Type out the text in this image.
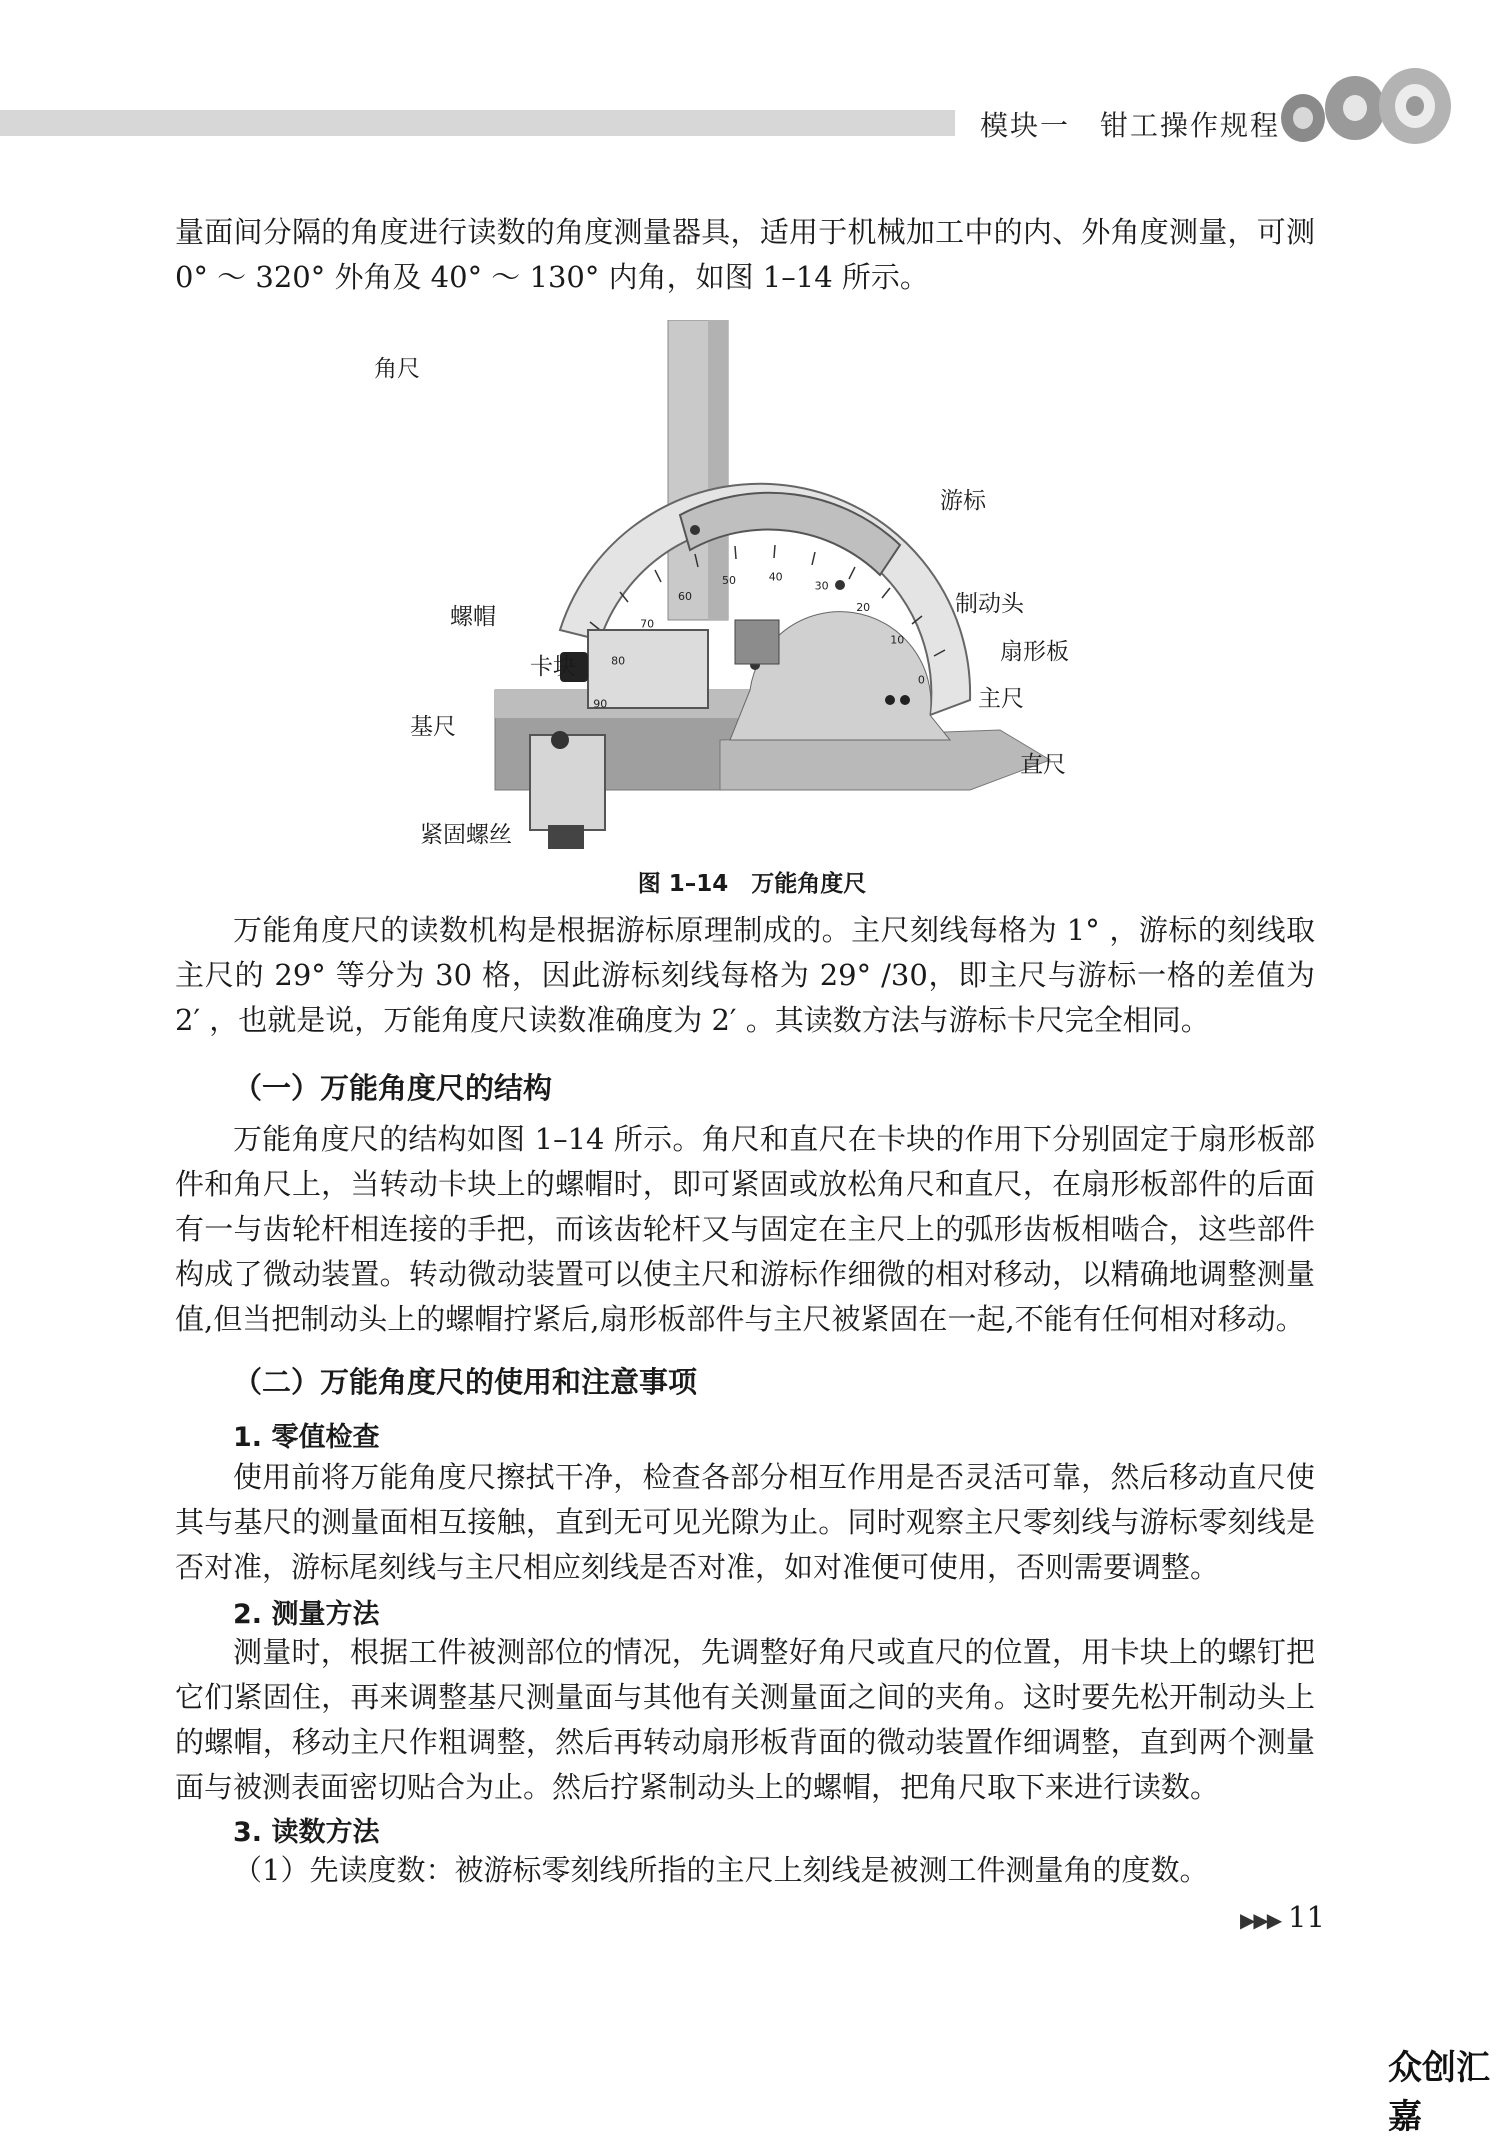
模块一　钳工操作规程

量面间分隔的角度进行读数的角度测量器具，适用于机械加工中的内、外角度测量，可测0° ～ 320° 外角及 40° ～ 130° 内角，如图 1–14 所示。

90
80
70
60
50	40
30
20
10
0
角尺
游标
螺帽	制动头
扇形板
卡块
主尺
基尺
直尺
紧固螺丝
图 1–14　万能角度尺

万能角度尺的读数机构是根据游标原理制成的。主尺刻线每格为 1° ，游标的刻线取主尺的 29° 等分为 30 格，因此游标刻线每格为 29° /30，即主尺与游标一格的差值为 2′ ，也就是说，万能角度尺读数准确度为 2′ 。其读数方法与游标卡尺完全相同。

（一）万能角度尺的结构

万能角度尺的结构如图 1–14 所示。角尺和直尺在卡块的作用下分别固定于扇形板部件和角尺上，当转动卡块上的螺帽时，即可紧固或放松角尺和直尺，在扇形板部件的后面有一与齿轮杆相连接的手把，而该齿轮杆又与固定在主尺上的弧形齿板相啮合，这些部件构成了微动装置。转动微动装置可以使主尺和游标作细微的相对移动，以精确地调整测量值,但当把制动头上的螺帽拧紧后,扇形板部件与主尺被紧固在一起,不能有任何相对移动。

（二）万能角度尺的使用和注意事项
1. 零值检查

使用前将万能角度尺擦拭干净，检查各部分相互作用是否灵活可靠，然后移动直尺使其与基尺的测量面相互接触，直到无可见光隙为止。同时观察主尺零刻线与游标零刻线是否对准，游标尾刻线与主尺相应刻线是否对准，如对准便可使用，否则需要调整。

2. 测量方法

测量时，根据工件被测部位的情况，先调整好角尺或直尺的位置，用卡块上的螺钉把它们紧固住，再来调整基尺测量面与其他有关测量面之间的夹角。这时要先松开制动头上的螺帽，移动主尺作粗调整，然后再转动扇形板背面的微动装置作细调整，直到两个测量面与被测表面密切贴合为止。然后拧紧制动头上的螺帽，把角尺取下来进行读数。

3. 读数方法

（1）先读度数：被游标零刻线所指的主尺上刻线是被测工件测量角的度数。

▶▶▶ 11
众创汇嘉
